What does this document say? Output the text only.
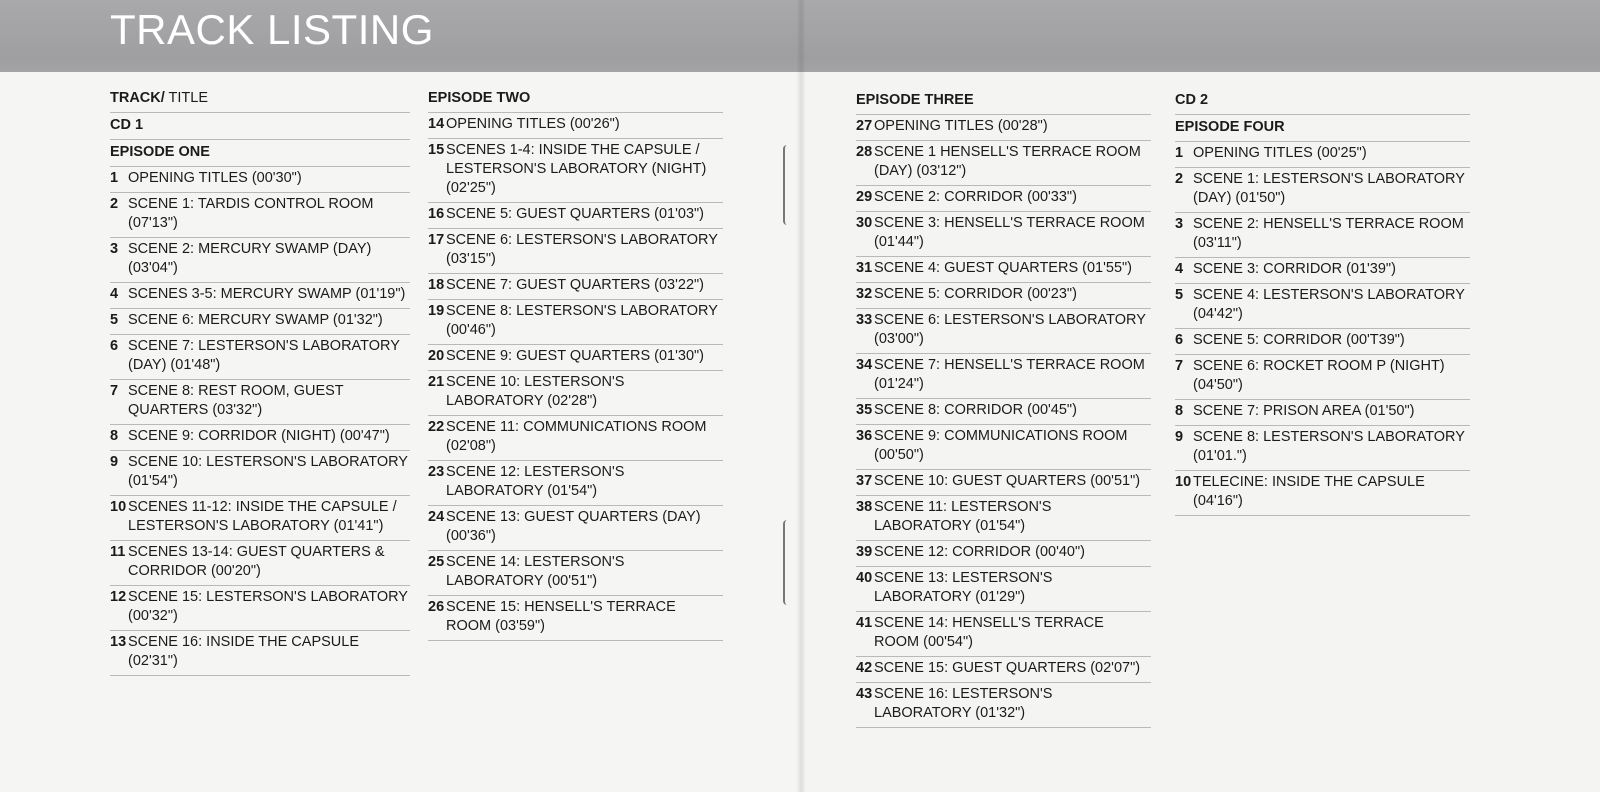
TRACK LISTING
TRACK/ TITLE
CD 1
EPISODE ONE
1 OPENING TITLES (00'30")
2 SCENE 1: TARDIS CONTROL ROOM (07'13")
3 SCENE 2: MERCURY SWAMP (DAY) (03'04")
4 SCENES 3-5: MERCURY SWAMP (01'19")
5 SCENE 6: MERCURY SWAMP (01'32")
6 SCENE 7: LESTERSON'S LABORATORY (DAY) (01'48")
7 SCENE 8: REST ROOM, GUEST QUARTERS (03'32")
8 SCENE 9: CORRIDOR (NIGHT) (00'47")
9 SCENE 10: LESTERSON'S LABORATORY (01'54")
10 SCENES 11-12: INSIDE THE CAPSULE / LESTERSON'S LABORATORY (01'41")
11 SCENES 13-14: GUEST QUARTERS & CORRIDOR (00'20")
12 SCENE 15: LESTERSON'S LABORATORY (00'32")
13 SCENE 16: INSIDE THE CAPSULE (02'31")
EPISODE TWO
14 OPENING TITLES (00'26")
15 SCENES 1-4: INSIDE THE CAPSULE / LESTERSON'S LABORATORY (NIGHT) (02'25")
16 SCENE 5: GUEST QUARTERS (01'03")
17 SCENE 6: LESTERSON'S LABORATORY (03'15")
18 SCENE 7: GUEST QUARTERS (03'22")
19 SCENE 8: LESTERSON'S LABORATORY (00'46")
20 SCENE 9: GUEST QUARTERS (01'30")
21 SCENE 10: LESTERSON'S LABORATORY (02'28")
22 SCENE 11: COMMUNICATIONS ROOM (02'08")
23 SCENE 12: LESTERSON'S LABORATORY (01'54")
24 SCENE 13: GUEST QUARTERS (DAY) (00'36")
25 SCENE 14: LESTERSON'S LABORATORY (00'51")
26 SCENE 15: HENSELL'S TERRACE ROOM (03'59")
EPISODE THREE
27 OPENING TITLES (00'28")
28 SCENE 1 HENSELL'S TERRACE ROOM (DAY) (03'12")
29 SCENE 2: CORRIDOR (00'33")
30 SCENE 3: HENSELL'S TERRACE ROOM (01'44")
31 SCENE 4: GUEST QUARTERS (01'55")
32 SCENE 5: CORRIDOR (00'23")
33 SCENE 6: LESTERSON'S LABORATORY (03'00")
34 SCENE 7: HENSELL'S TERRACE ROOM (01'24")
35 SCENE 8: CORRIDOR (00'45")
36 SCENE 9: COMMUNICATIONS ROOM (00'50")
37 SCENE 10: GUEST QUARTERS (00'51")
38 SCENE 11: LESTERSON'S LABORATORY (01'54")
39 SCENE 12: CORRIDOR (00'40")
40 SCENE 13: LESTERSON'S LABORATORY (01'29")
41 SCENE 14: HENSELL'S TERRACE ROOM (00'54")
42 SCENE 15: GUEST QUARTERS (02'07")
43 SCENE 16: LESTERSON'S LABORATORY (01'32")
CD 2
EPISODE FOUR
1 OPENING TITLES (00'25")
2 SCENE 1: LESTERSON'S LABORATORY (DAY) (01'50")
3 SCENE 2: HENSELL'S TERRACE ROOM (03'11")
4 SCENE 3: CORRIDOR (01'39")
5 SCENE 4: LESTERSON'S LABORATORY (04'42")
6 SCENE 5: CORRIDOR (00'T39")
7 SCENE 6: ROCKET ROOM P (NIGHT) (04'50")
8 SCENE 7: PRISON AREA (01'50")
9 SCENE 8: LESTERSON'S LABORATORY (01'01.")
10 TELECINE: INSIDE THE CAPSULE (04'16")
